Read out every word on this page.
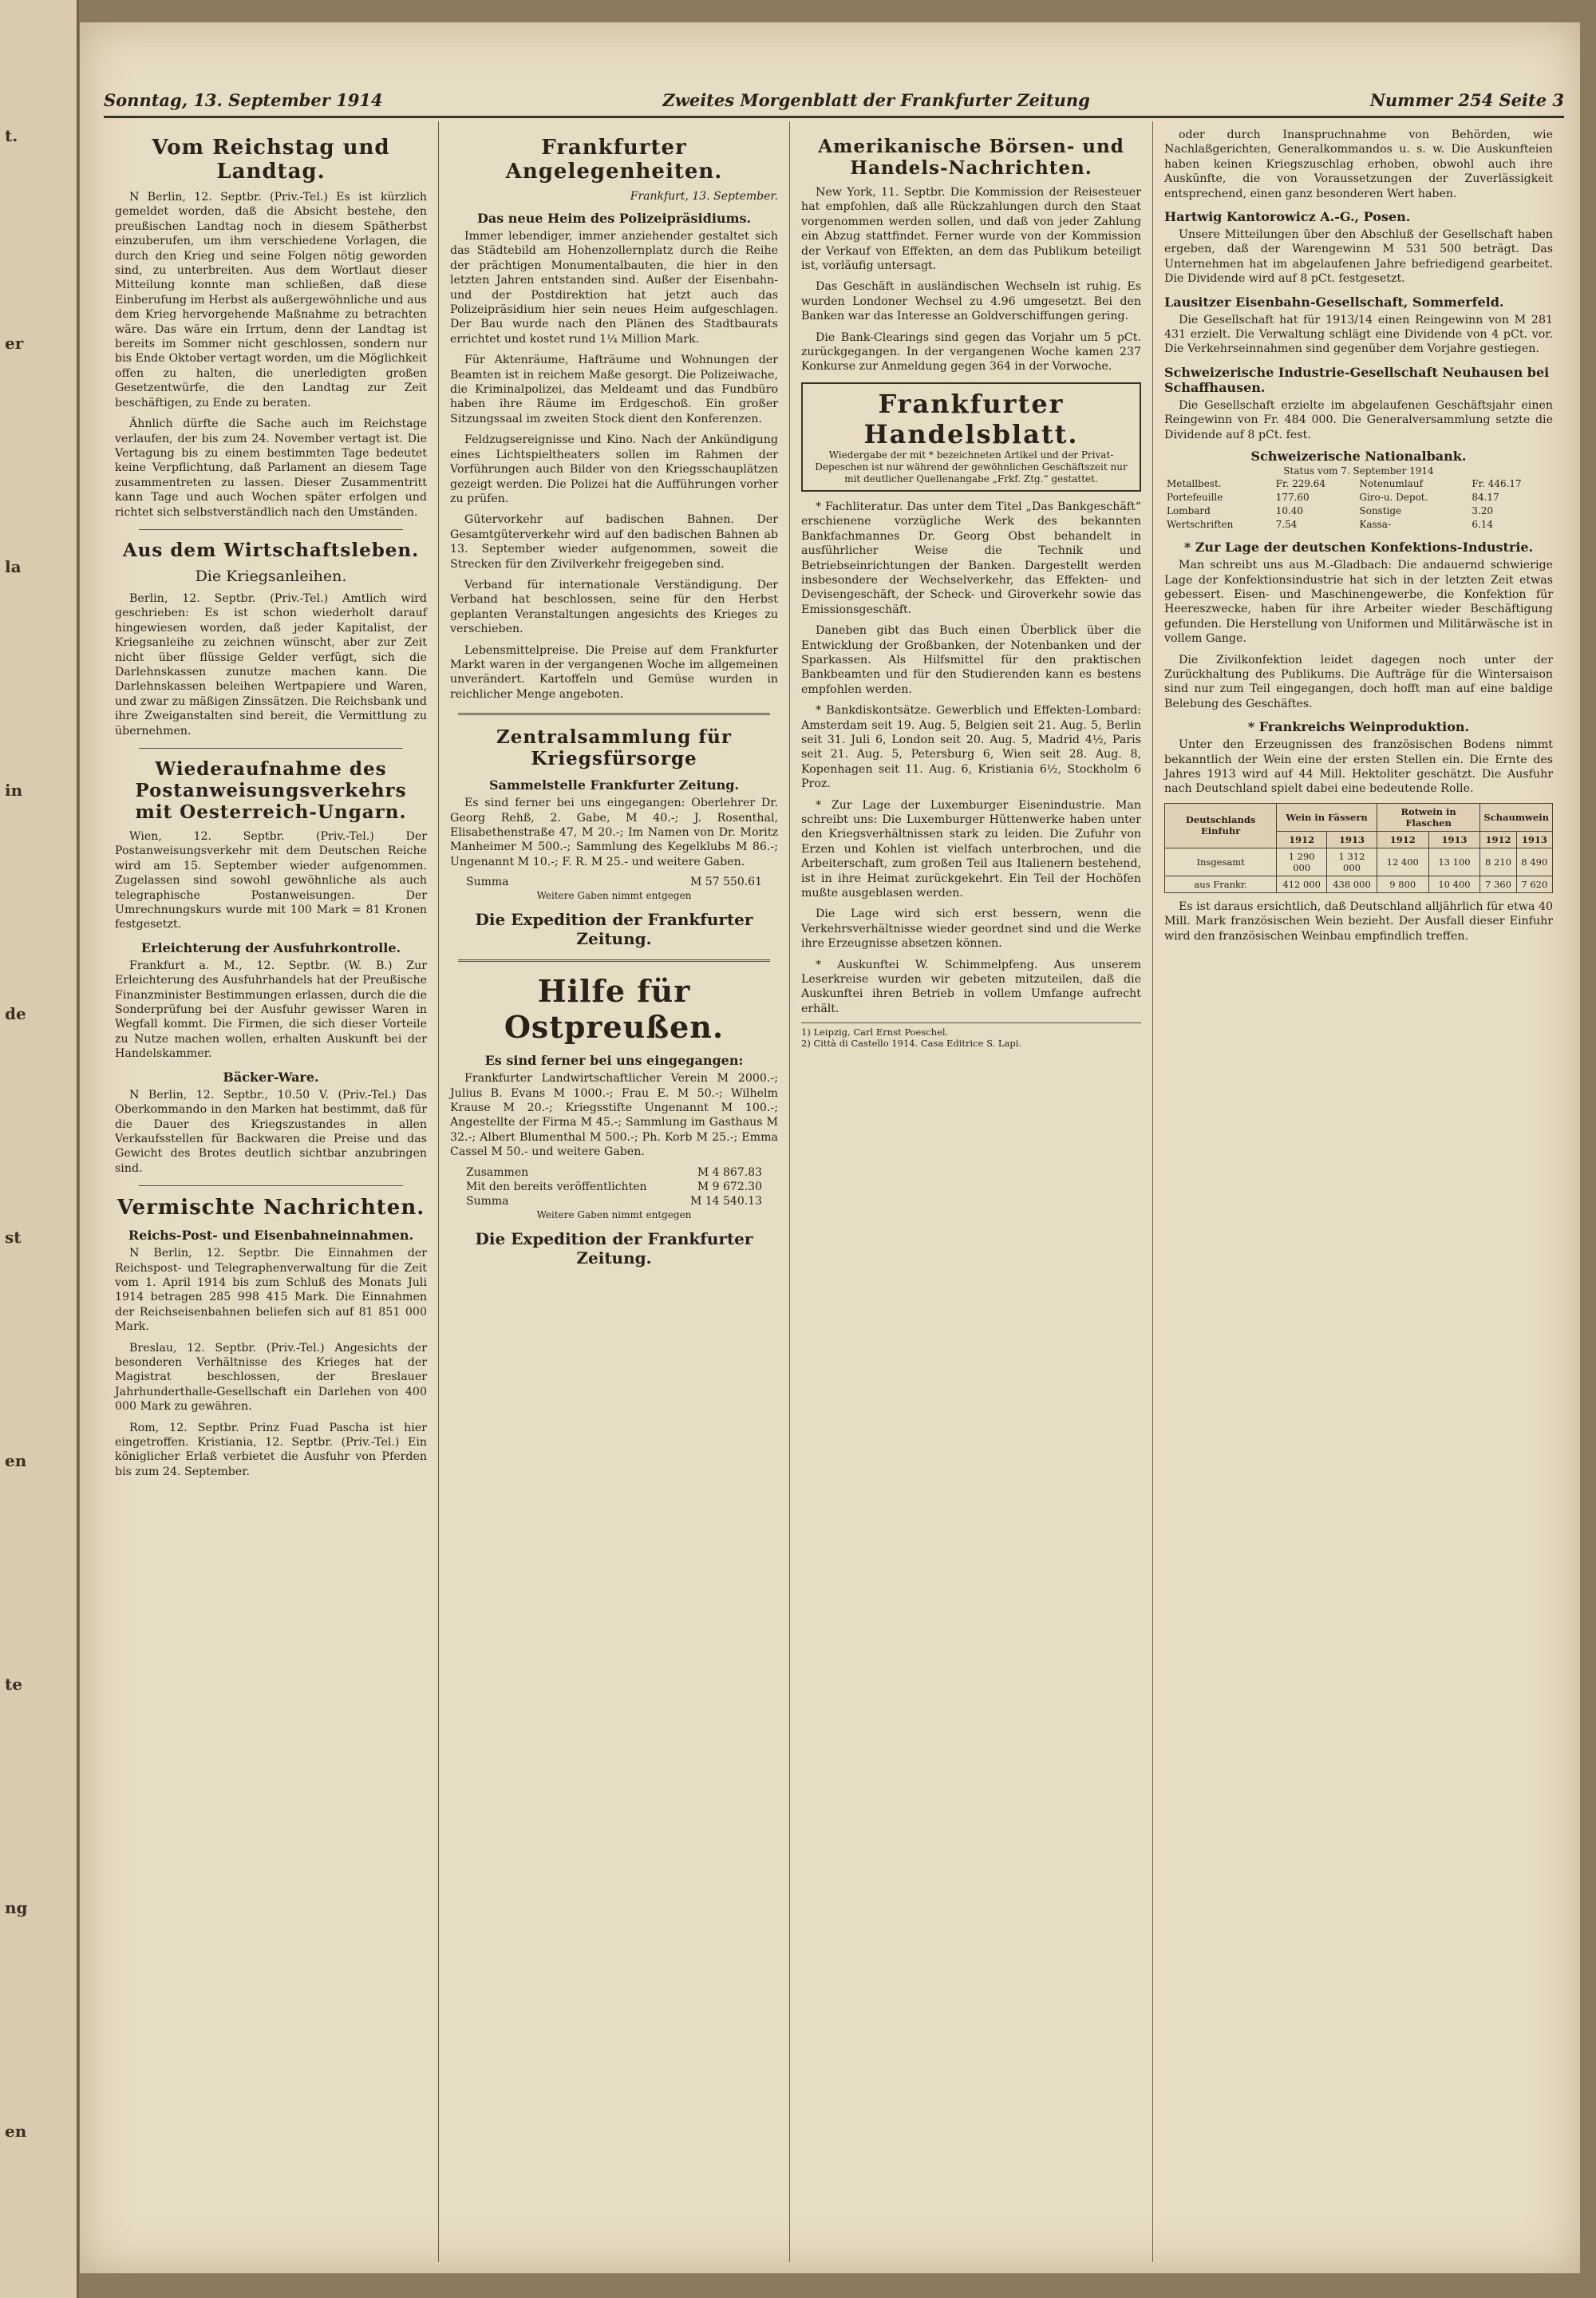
t.
er
la
in
de
st
en
te
ng
en
Sonntag, 13. September 1914	Zweites Morgenblatt der Frankfurter Zeitung	Nummer 254 Seite 3
Vom Reichstag und Landtag.

N Berlin, 12. Septbr. (Priv.-Tel.) Es ist kürzlich gemeldet worden, daß die Absicht bestehe, den preußischen Landtag noch in diesem Spätherbst einzuberufen, um ihm verschiedene Vorlagen, die durch den Krieg und seine Folgen nötig geworden sind, zu unterbreiten. Aus dem Wortlaut dieser Mitteilung konnte man schließen, daß diese Einberufung im Herbst als außergewöhnliche und aus dem Krieg hervorgehende Maßnahme zu betrachten wäre. Das wäre ein Irrtum, denn der Landtag ist bereits im Sommer nicht geschlossen, sondern nur bis Ende Oktober vertagt worden, um die Möglichkeit offen zu halten, die unerledigten großen Gesetzentwürfe, die den Landtag zur Zeit beschäftigen, zu Ende zu beraten.

Ähnlich dürfte die Sache auch im Reichstage verlaufen, der bis zum 24. November vertagt ist. Die Vertagung bis zu einem bestimmten Tage bedeutet keine Verpflichtung, daß Parlament an diesem Tage zusammentreten zu lassen. Dieser Zusammentritt kann Tage und auch Wochen später erfolgen und richtet sich selbstverständlich nach den Umständen.

Aus dem Wirtschaftsleben.
Die Kriegsanleihen.

Berlin, 12. Septbr. (Priv.-Tel.) Amtlich wird geschrieben: Es ist schon wiederholt darauf hingewiesen worden, daß jeder Kapitalist, der Kriegsanleihe zu zeichnen wünscht, aber zur Zeit nicht über flüssige Gelder verfügt, sich die Darlehnskassen zunutze machen kann. Die Darlehnskassen beleihen Wertpapiere und Waren, und zwar zu mäßigen Zinssätzen. Die Reichsbank und ihre Zweiganstalten sind bereit, die Vermittlung zu übernehmen.

Wiederaufnahme des Postanweisungsverkehrs mit Oesterreich-Ungarn.

Wien, 12. Septbr. (Priv.-Tel.) Der Postanweisungsverkehr mit dem Deutschen Reiche wird am 15. September wieder aufgenommen. Zugelassen sind sowohl gewöhnliche als auch telegraphische Postanweisungen. Der Umrechnungskurs wurde mit 100 Mark = 81 Kronen festgesetzt.

Erleichterung der Ausfuhrkontrolle.

Frankfurt a. M., 12. Septbr. (W. B.) Zur Erleichterung des Ausfuhrhandels hat der Preußische Finanzminister Bestimmungen erlassen, durch die die Sonderprüfung bei der Ausfuhr gewisser Waren in Wegfall kommt. Die Firmen, die sich dieser Vorteile zu Nutze machen wollen, erhalten Auskunft bei der Handelskammer.

Bäcker-Ware.

N Berlin, 12. Septbr., 10.50 V. (Priv.-Tel.) Das Oberkommando in den Marken hat bestimmt, daß für die Dauer des Kriegszustandes in allen Verkaufsstellen für Backwaren die Preise und das Gewicht des Brotes deutlich sichtbar anzubringen sind.

Vermischte Nachrichten.
Reichs-Post- und Eisenbahneinnahmen.

N Berlin, 12. Septbr. Die Einnahmen der Reichspost- und Telegraphenverwaltung für die Zeit vom 1. April 1914 bis zum Schluß des Monats Juli 1914 betragen 285 998 415 Mark. Die Einnahmen der Reichseisenbahnen beliefen sich auf 81 851 000 Mark.

Breslau, 12. Septbr. (Priv.-Tel.) Angesichts der besonderen Verhältnisse des Krieges hat der Magistrat beschlossen, der Breslauer Jahrhunderthalle-Gesellschaft ein Darlehen von 400 000 Mark zu gewähren.

Rom, 12. Septbr. Prinz Fuad Pascha ist hier eingetroffen. Kristiania, 12. Septbr. (Priv.-Tel.) Ein königlicher Erlaß verbietet die Ausfuhr von Pferden bis zum 24. September.

Frankfurter Angelegenheiten.
Frankfurt, 13. September.
Das neue Heim des Polizeipräsidiums.

Immer lebendiger, immer anziehender gestaltet sich das Städtebild am Hohenzollernplatz durch die Reihe der prächtigen Monumentalbauten, die hier in den letzten Jahren entstanden sind. Außer der Eisenbahn- und der Postdirektion hat jetzt auch das Polizeipräsidium hier sein neues Heim aufgeschlagen. Der Bau wurde nach den Plänen des Stadtbaurats errichtet und kostet rund 1¼ Million Mark.

Für Aktenräume, Hafträume und Wohnungen der Beamten ist in reichem Maße gesorgt. Die Polizeiwache, die Kriminalpolizei, das Meldeamt und das Fundbüro haben ihre Räume im Erdgeschoß. Ein großer Sitzungssaal im zweiten Stock dient den Konferenzen.

Feldzugsereignisse und Kino. Nach der Ankündigung eines Lichtspieltheaters sollen im Rahmen der Vorführungen auch Bilder von den Kriegsschauplätzen gezeigt werden. Die Polizei hat die Aufführungen vorher zu prüfen.

Gütervorkehr auf badischen Bahnen. Der Gesamtgüterverkehr wird auf den badischen Bahnen ab 13. September wieder aufgenommen, soweit die Strecken für den Zivilverkehr freigegeben sind.

Verband für internationale Verständigung. Der Verband hat beschlossen, seine für den Herbst geplanten Veranstaltungen angesichts des Krieges zu verschieben.

Lebensmittelpreise. Die Preise auf dem Frankfurter Markt waren in der vergangenen Woche im allgemeinen unverändert. Kartoffeln und Gemüse wurden in reichlicher Menge angeboten.

Zentralsammlung für Kriegsfürsorge
Sammelstelle Frankfurter Zeitung.

Es sind ferner bei uns eingegangen: Oberlehrer Dr. Georg Rehß, 2. Gabe, M 40.-; J. Rosenthal, Elisabethenstraße 47, M 20.-; Im Namen von Dr. Moritz Manheimer M 500.-; Sammlung des Kegelklubs M 86.-; Ungenannt M 10.-; F. R. M 25.- und weitere Gaben.

Summa	M 57 550.61
Weitere Gaben nimmt entgegen
Die Expedition der Frankfurter Zeitung.
Hilfe für Ostpreußen.
Es sind ferner bei uns eingegangen:

Frankfurter Landwirtschaftlicher Verein M 2000.-; Julius B. Evans M 1000.-; Frau E. M 50.-; Wilhelm Krause M 20.-; Kriegsstifte Ungenannt M 100.-; Angestellte der Firma M 45.-; Sammlung im Gasthaus M 32.-; Albert Blumenthal M 500.-; Ph. Korb M 25.-; Emma Cassel M 50.- und weitere Gaben.

Zusammen	M 4 867.83
Mit den bereits veröffentlichten	M 9 672.30
Summa	M 14 540.13
Weitere Gaben nimmt entgegen
Die Expedition der Frankfurter Zeitung.
Amerikanische Börsen- und Handels-Nachrichten.

New York, 11. Septbr. Die Kommission der Reisesteuer hat empfohlen, daß alle Rückzahlungen durch den Staat vorgenommen werden sollen, und daß von jeder Zahlung ein Abzug stattfindet. Ferner wurde von der Kommission der Verkauf von Effekten, an dem das Publikum beteiligt ist, vorläufig untersagt.

Das Geschäft in ausländischen Wechseln ist ruhig. Es wurden Londoner Wechsel zu 4.96 umgesetzt. Bei den Banken war das Interesse an Goldverschiffungen gering.

Die Bank-Clearings sind gegen das Vorjahr um 5 pCt. zurückgegangen. In der vergangenen Woche kamen 237 Konkurse zur Anmeldung gegen 364 in der Vorwoche.

Frankfurter Handelsblatt.
Wiedergabe der mit * bezeichneten Artikel und der Privat-Depeschen ist nur während der gewöhnlichen Geschäftszeit nur mit deutlicher Quellenangabe „Frkf. Ztg.“ gestattet.

* Fachliteratur. Das unter dem Titel „Das Bankgeschäft“ erschienene vorzügliche Werk des bekannten Bankfachmannes Dr. Georg Obst behandelt in ausführlicher Weise die Technik und Betriebseinrichtungen der Banken. Dargestellt werden insbesondere der Wechselverkehr, das Effekten- und Devisengeschäft, der Scheck- und Giroverkehr sowie das Emissionsgeschäft.

Daneben gibt das Buch einen Überblick über die Entwicklung der Großbanken, der Notenbanken und der Sparkassen. Als Hilfsmittel für den praktischen Bankbeamten und für den Studierenden kann es bestens empfohlen werden.

* Bankdiskontsätze. Gewerblich und Effekten-Lombard: Amsterdam seit 19. Aug. 5, Belgien seit 21. Aug. 5, Berlin seit 31. Juli 6, London seit 20. Aug. 5, Madrid 4½, Paris seit 21. Aug. 5, Petersburg 6, Wien seit 28. Aug. 8, Kopenhagen seit 11. Aug. 6, Kristiania 6½, Stockholm 6 Proz.

* Zur Lage der Luxemburger Eisenindustrie. Man schreibt uns: Die Luxemburger Hüttenwerke haben unter den Kriegsverhältnissen stark zu leiden. Die Zufuhr von Erzen und Kohlen ist vielfach unterbrochen, und die Arbeiterschaft, zum großen Teil aus Italienern bestehend, ist in ihre Heimat zurückgekehrt. Ein Teil der Hochöfen mußte ausgeblasen werden.

Die Lage wird sich erst bessern, wenn die Verkehrsverhältnisse wieder geordnet sind und die Werke ihre Erzeugnisse absetzen können.

* Auskunftei W. Schimmelpfeng. Aus unserem Leserkreise wurden wir gebeten mitzuteilen, daß die Auskunftei ihren Betrieb in vollem Umfange aufrecht erhält.

1) Leipzig, Carl Ernst Poeschel.
2) Città di Castello 1914. Casa Editrice S. Lapi.

oder durch Inanspruchnahme von Behörden, wie Nachlaßgerichten, Generalkommandos u. s. w. Die Auskunfteien haben keinen Kriegszuschlag erhoben, obwohl auch ihre Auskünfte, die von Voraussetzungen der Zuverlässigkeit entsprechend, einen ganz besonderen Wert haben.

Hartwig Kantorowicz A.-G., Posen.

Unsere Mitteilungen über den Abschluß der Gesellschaft haben ergeben, daß der Warengewinn M 531 500 beträgt. Das Unternehmen hat im abgelaufenen Jahre befriedigend gearbeitet. Die Dividende wird auf 8 pCt. festgesetzt.

Lausitzer Eisenbahn-Gesellschaft, Sommerfeld.

Die Gesellschaft hat für 1913/14 einen Reingewinn von M 281 431 erzielt. Die Verwaltung schlägt eine Dividende von 4 pCt. vor. Die Verkehrseinnahmen sind gegenüber dem Vorjahre gestiegen.

Schweizerische Industrie-Gesellschaft Neuhausen bei Schaffhausen.

Die Gesellschaft erzielte im abgelaufenen Geschäftsjahr einen Reingewinn von Fr. 484 000. Die Generalversammlung setzte die Dividende auf 8 pCt. fest.

Schweizerische Nationalbank.
Status vom 7. September 1914
Metallbest.	Fr. 229.64	Notenumlauf	Fr. 446.17
Portefeuille	177.60	Giro-u. Depot.	84.17
Lombard	10.40	Sonstige	3.20
Wertschriften	7.54	Kassa-	6.14
* Zur Lage der deutschen Konfektions-Industrie.

Man schreibt uns aus M.-Gladbach: Die andauernd schwierige Lage der Konfektionsindustrie hat sich in der letzten Zeit etwas gebessert. Eisen- und Maschinengewerbe, die Konfektion für Heereszwecke, haben für ihre Arbeiter wieder Beschäftigung gefunden. Die Herstellung von Uniformen und Militärwäsche ist in vollem Gange.

Die Zivilkonfektion leidet dagegen noch unter der Zurückhaltung des Publikums. Die Aufträge für die Wintersaison sind nur zum Teil eingegangen, doch hofft man auf eine baldige Belebung des Geschäftes.

* Frankreichs Weinproduktion.

Unter den Erzeugnissen des französischen Bodens nimmt bekanntlich der Wein eine der ersten Stellen ein. Die Ernte des Jahres 1913 wird auf 44 Mill. Hektoliter geschätzt. Die Ausfuhr nach Deutschland spielt dabei eine bedeutende Rolle.

Deutschlands Einfuhr	Wein in Fässern		Rotwein in Flaschen		Schaumwein	
	1912	1913	1912	1913	1912	1913
Insgesamt	1 290 000	1 312 000	12 400	13 100	8 210	8 490
aus Frankr.	412 000	438 000	9 800	10 400	7 360	7 620

Es ist daraus ersichtlich, daß Deutschland alljährlich für etwa 40 Mill. Mark französischen Wein bezieht. Der Ausfall dieser Einfuhr wird den französischen Weinbau empfindlich treffen.
